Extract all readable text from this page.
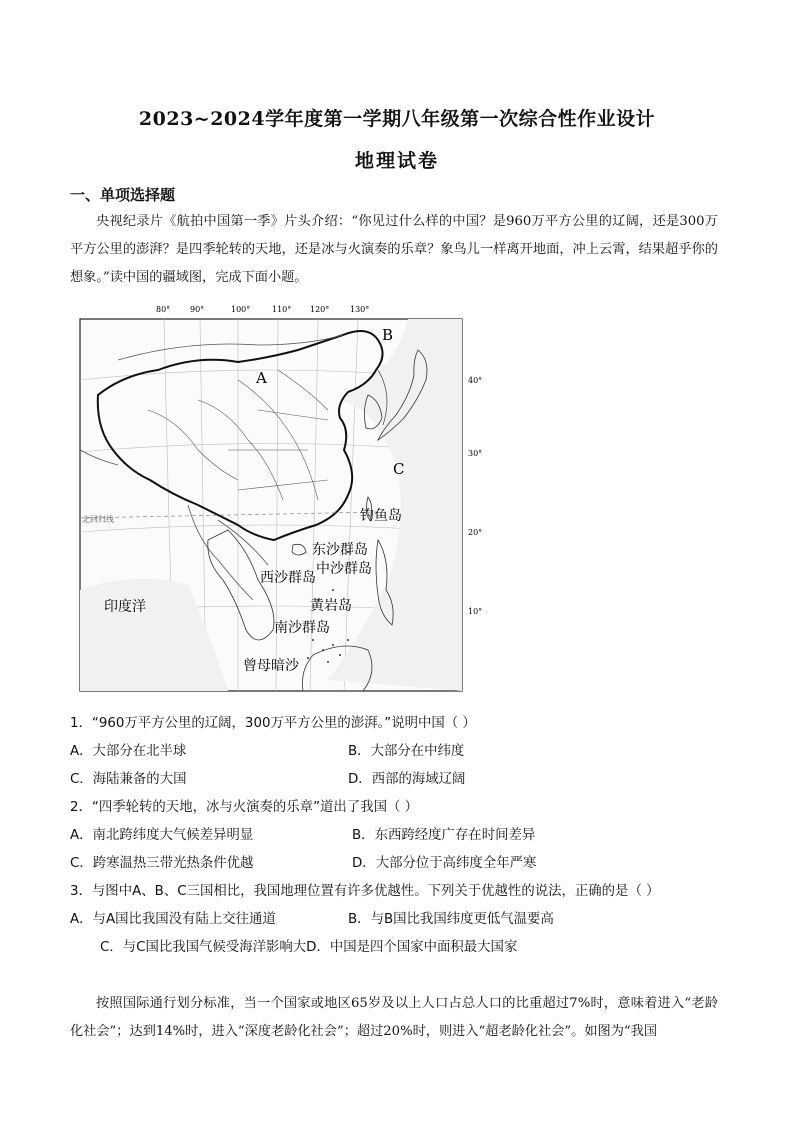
2023~2024学年度第一学期八年级第一次综合性作业设计
地理试卷
一、单项选择题
央视纪录片《航拍中国第一季》片头介绍：“你见过什么样的中国？是960万平方公里的辽阔，还是300万平方公里的澎湃？是四季轮转的天地，还是冰与火演奏的乐章？象鸟儿一样离开地面，冲上云霄，结果超乎你的想象。”读中国的疆域图，完成下面小题。
80° 90°	100°	110° 120°	130°
40°
30°
20°
10°
北回归线
A
B
C
钓鱼岛
东沙群岛
中沙群岛
西沙群岛
黄岩岛
南沙群岛
曾母暗沙
印度洋
1．“960万平方公里的辽阔，300万平方公里的澎湃。”说明中国（ ）
A．大部分在北半球	B．大部分在中纬度
C．海陆兼备的大国	D．西部的海域辽阔
2．“四季轮转的天地，冰与火演奏的乐章”道出了我国（ ）
A．南北跨纬度大气候差异明显	B．东西跨经度广存在时间差异
C．跨寒温热三带光热条件优越	D．大部分位于高纬度全年严寒
3．与图中A、B、C三国相比，我国地理位置有许多优越性。下列关于优越性的说法，正确的是（ ）
A．与A国比我国没有陆上交往通道	B．与B国比我国纬度更低气温要高
C．与C国比我国气候受海洋影响大D．中国是四个国家中面积最大国家
按照国际通行划分标准，当一个国家或地区65岁及以上人口占总人口的比重超过7%时，意味着进入“老龄化社会”；达到14%时，进入“深度老龄化社会”；超过20%时，则进入“超老龄化社会”。如图为“我国
